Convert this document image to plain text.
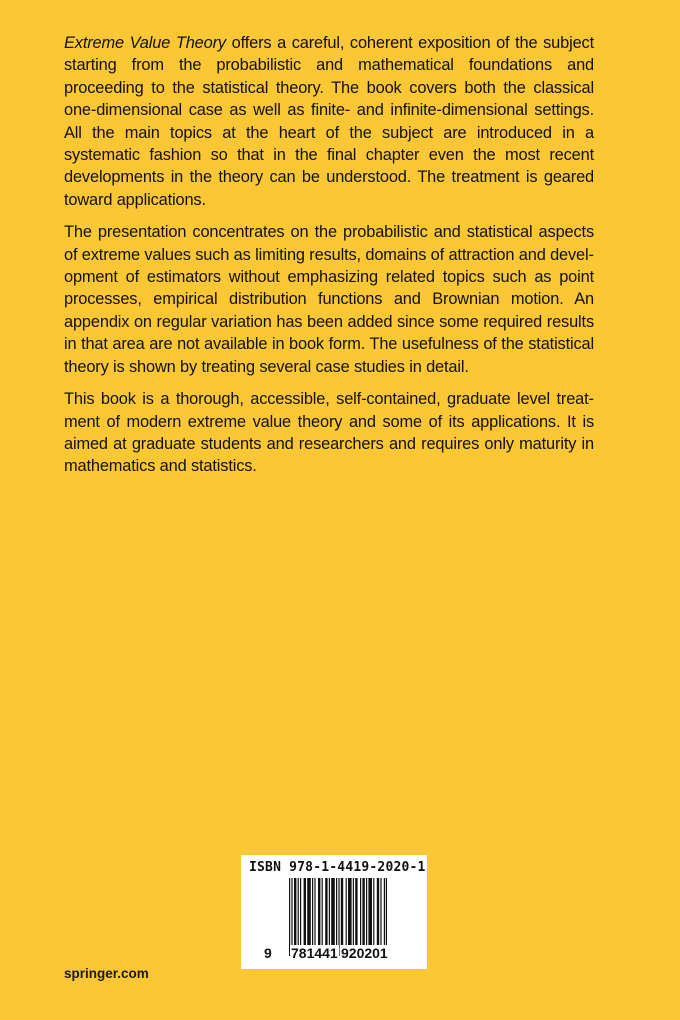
Extreme Value Theory offers a careful, coherent exposition of the subject starting from the probabilistic and mathematical foundations and proceeding to the statistical theory. The book covers both the classical one-dimensional case as well as finite- and infinite-dimensional settings. All the main topics at the heart of the subject are introduced in a systematic fashion so that in the final chapter even the most recent developments in the theory can be understood. The treatment is geared toward applications.

The presentation concentrates on the probabilistic and statistical aspects of extreme values such as limiting results, domains of attraction and development of estimators without emphasizing related topics such as point processes, empirical distribution functions and Brownian motion. An appendix on regular variation has been added since some required results in that area are not available in book form. The usefulness of the statistical theory is shown by treating several case studies in detail.

This book is a thorough, accessible, self-contained, graduate level treatment of modern extreme value theory and some of its applications. It is aimed at graduate students and researchers and requires only maturity in mathematics and statistics.

ISBN 978-1-4419-2020-1
9 781441 920201
springer.com
